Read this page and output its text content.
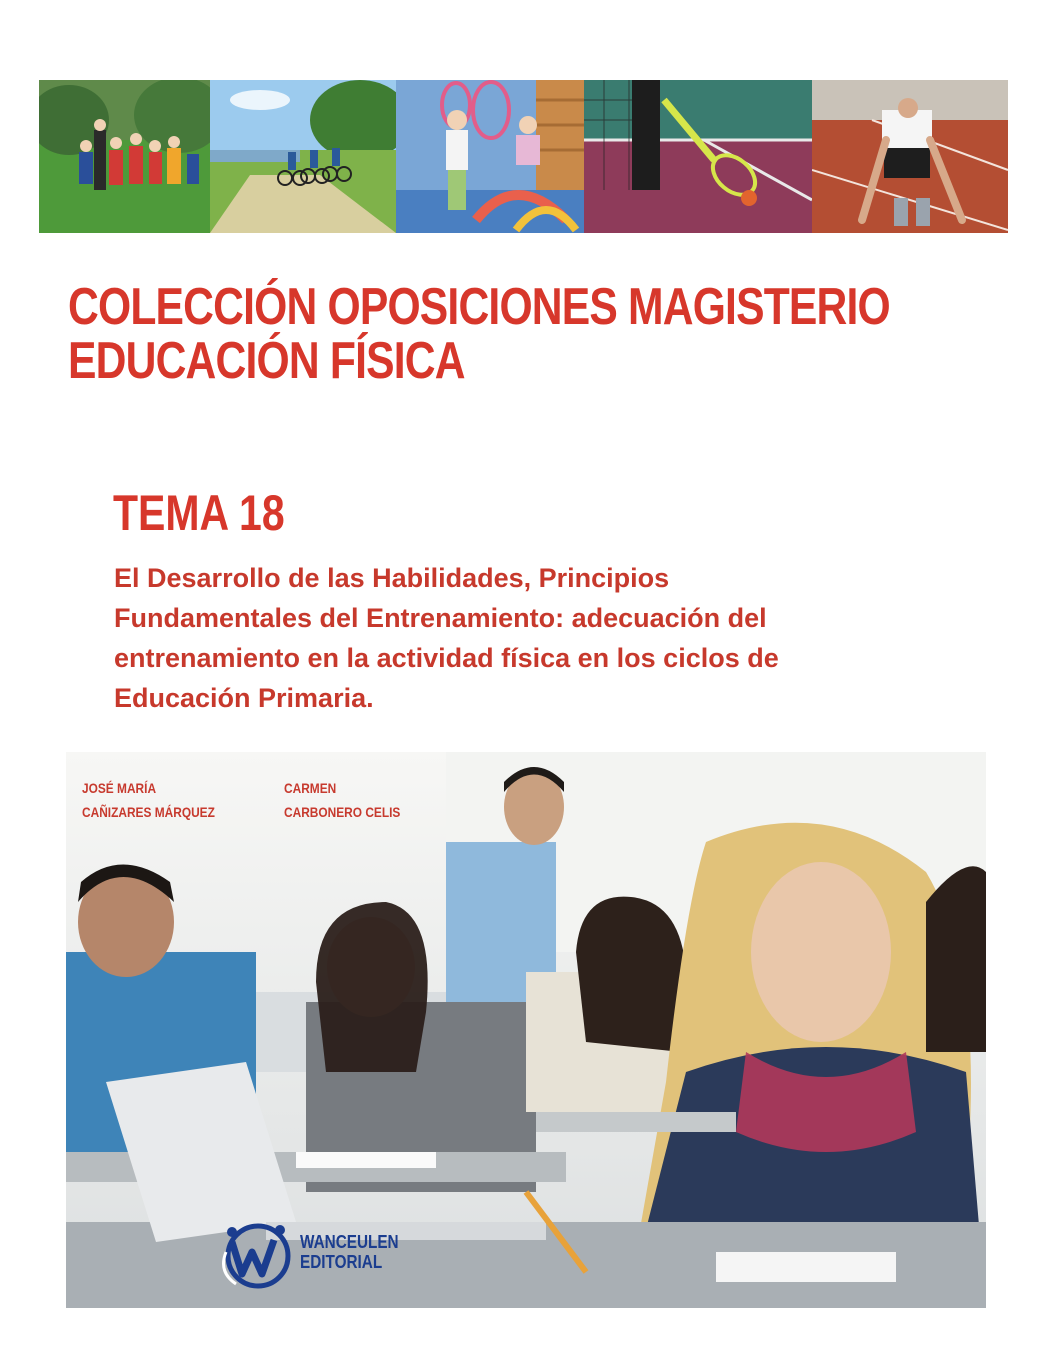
COLECCIÓN OPOSICIONES MAGISTERIO
EDUCACIÓN FÍSICA
TEMA 18
El Desarrollo de las Habilidades, Principios
Fundamentales del Entrenamiento: adecuación del
entrenamiento en la actividad física en los ciclos de
Educación Primaria.
JOSÉ MARÍA
CAÑIZARES MÁRQUEZ
CARMEN
CARBONERO CELIS
WANCEULEN
EDITORIAL
